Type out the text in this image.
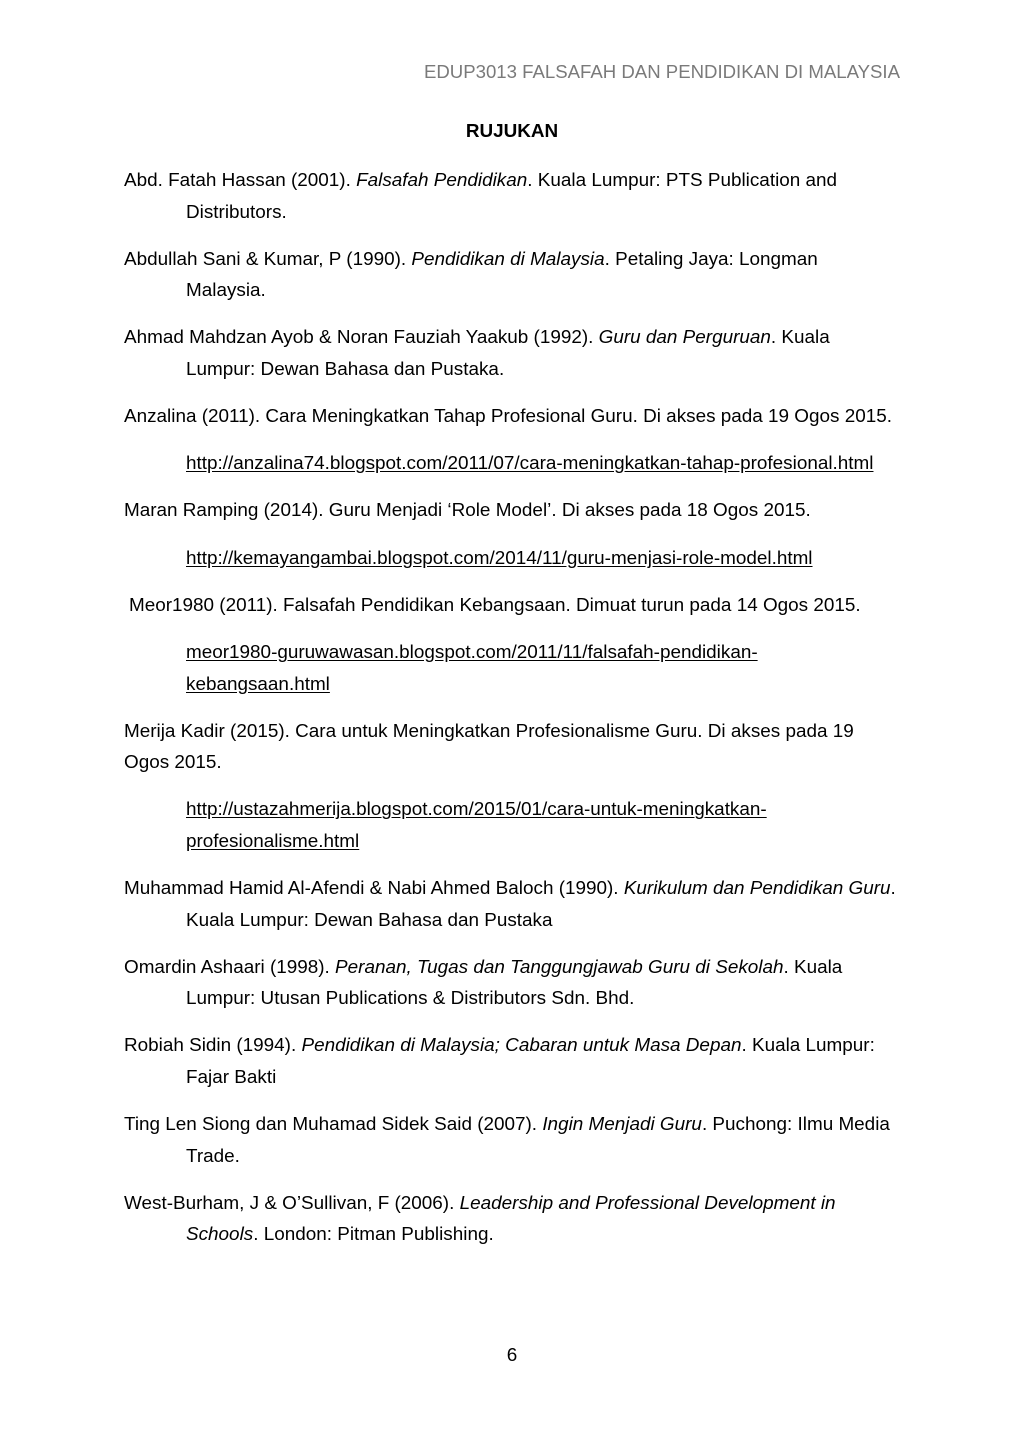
EDUP3013 FALSAFAH DAN PENDIDIKAN DI MALAYSIA
RUJUKAN
Abd. Fatah Hassan (2001). Falsafah Pendidikan. Kuala Lumpur: PTS Publication and
Distributors.
Abdullah Sani & Kumar, P (1990). Pendidikan di Malaysia. Petaling Jaya: Longman
Malaysia.
Ahmad Mahdzan Ayob & Noran Fauziah Yaakub (1992). Guru dan Perguruan. Kuala
Lumpur: Dewan Bahasa dan Pustaka.
Anzalina (2011). Cara Meningkatkan Tahap Profesional Guru. Di akses pada 19 Ogos 2015.
http://anzalina74.blogspot.com/2011/07/cara-meningkatkan-tahap-profesional.html
Maran Ramping (2014). Guru Menjadi ‘Role Model’. Di akses pada 18 Ogos 2015.
http://kemayangambai.blogspot.com/2014/11/guru-menjasi-role-model.html
Meor1980 (2011). Falsafah Pendidikan Kebangsaan. Dimuat turun pada 14 Ogos 2015.
meor1980-guruwawasan.blogspot.com/2011/11/falsafah-pendidikan-
kebangsaan.html
Merija Kadir (2015). Cara untuk Meningkatkan Profesionalisme Guru. Di akses pada 19
Ogos 2015.
http://ustazahmerija.blogspot.com/2015/01/cara-untuk-meningkatkan-
profesionalisme.html
Muhammad Hamid Al-Afendi & Nabi Ahmed Baloch (1990). Kurikulum dan Pendidikan Guru.
Kuala Lumpur: Dewan Bahasa dan Pustaka
Omardin Ashaari (1998). Peranan, Tugas dan Tanggungjawab Guru di Sekolah. Kuala
Lumpur: Utusan Publications & Distributors Sdn. Bhd.
Robiah Sidin (1994). Pendidikan di Malaysia; Cabaran untuk Masa Depan. Kuala Lumpur:
Fajar Bakti
Ting Len Siong dan Muhamad Sidek Said (2007). Ingin Menjadi Guru. Puchong: Ilmu Media
Trade.
West-Burham, J & O’Sullivan, F (2006). Leadership and Professional Development in
Schools. London: Pitman Publishing.
6
